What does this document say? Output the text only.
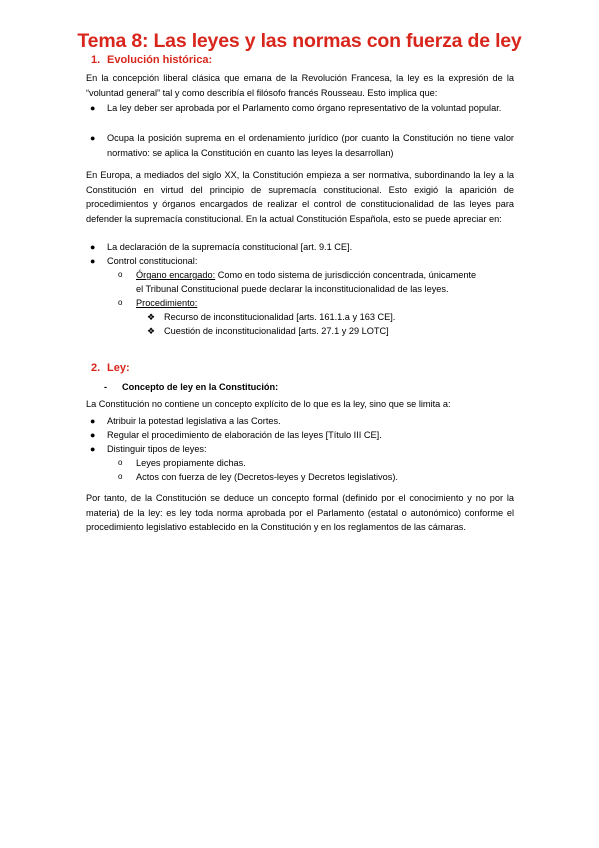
Tema 8: Las leyes y las normas con fuerza de ley
1. Evolución histórica:
En la concepción liberal clásica que emana de la Revolución Francesa, la ley es la expresión de la “voluntad general” tal y como describía el filósofo francés Rousseau. Esto implica que:
● La ley deber ser aprobada por el Parlamento como órgano representativo de la voluntad popular.
● Ocupa la posición suprema en el ordenamiento jurídico (por cuanto la Constitución no tiene valor normativo: se aplica la Constitución en cuanto las leyes la desarrollan)
En Europa, a mediados del siglo XX, la Constitución empieza a ser normativa, subordinando la ley a la Constitución en virtud del principio de supremacía constitucional. Esto exigió la aparición de procedimientos y órganos encargados de realizar el control de constitucionalidad de las leyes para defender la supremacía constitucional. En la actual Constitución Española, esto se puede apreciar en:
● La declaración de la supremacía constitucional [art. 9.1 CE].
● Control constitucional:
o Órgano encargado: Como en todo sistema de jurisdicción concentrada, únicamente
el Tribunal Constitucional puede declarar la inconstitucionalidad de las leyes.
o Procedimiento:
❖ Recurso de inconstitucionalidad [arts. 161.1.a y 163 CE].
❖ Cuestión de inconstitucionalidad [arts. 27.1 y 29 LOTC]
2. Ley:
- Concepto de ley en la Constitución:
La Constitución no contiene un concepto explícito de lo que es la ley, sino que se limita a:
● Atribuir la potestad legislativa a las Cortes.
● Regular el procedimiento de elaboración de las leyes [Título III CE].
● Distinguir tipos de leyes:
o Leyes propiamente dichas.
o Actos con fuerza de ley (Decretos-leyes y Decretos legislativos).
Por tanto, de la Constitución se deduce un concepto formal (definido por el conocimiento y no por la materia) de la ley: es ley toda norma aprobada por el Parlamento (estatal o autonómico) conforme el procedimiento legislativo establecido en la Constitución y en los reglamentos de las cámaras.
